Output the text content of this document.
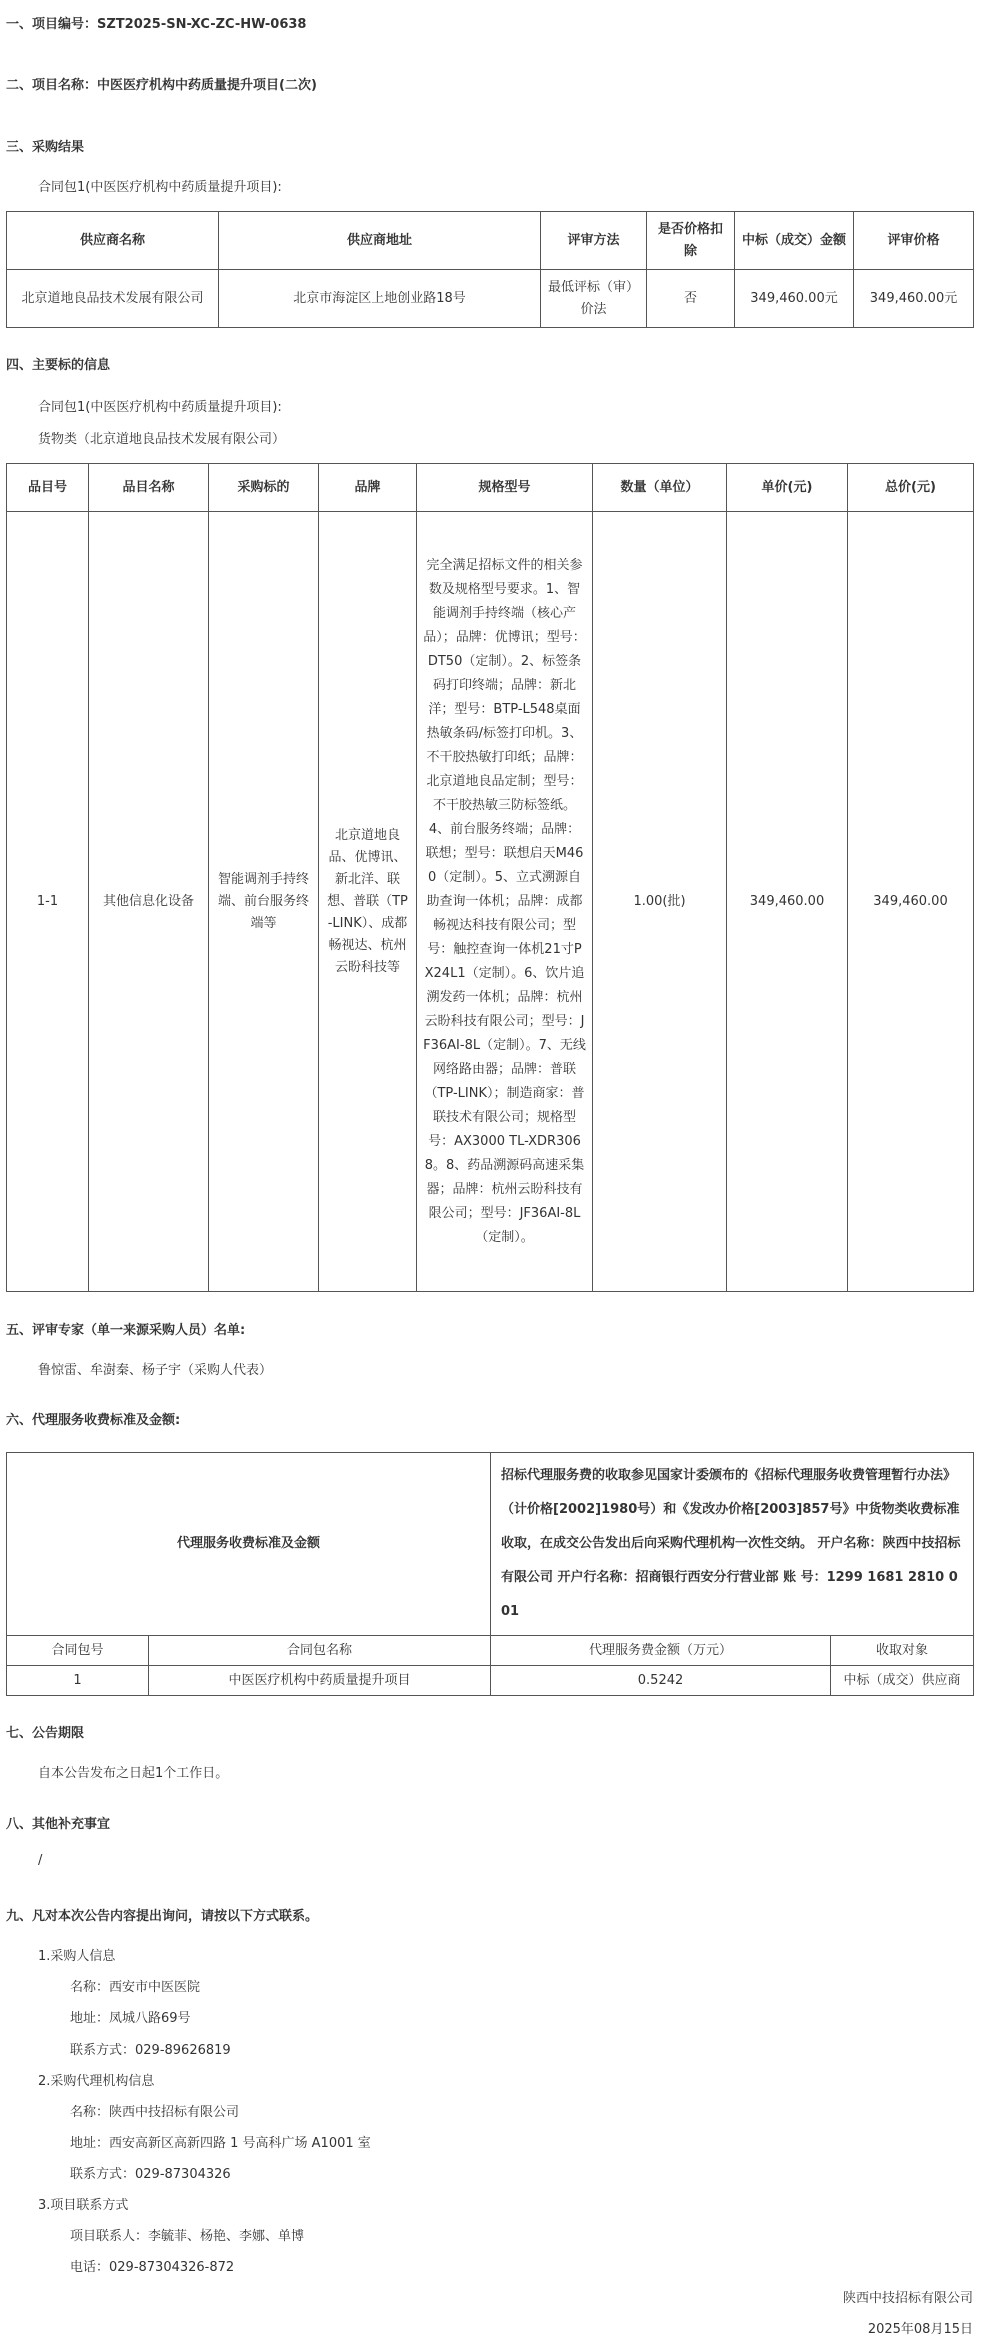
一、项目编号：SZT2025-SN-XC-ZC-HW-0638
二、项目名称：中医医疗机构中药质量提升项目(二次)
三、采购结果
合同包1(中医医疗机构中药质量提升项目):
供应商名称	供应商地址	评审方法	是否价格扣除	中标（成交）金额	评审价格
北京道地良品技术发展有限公司	北京市海淀区上地创业路18号	最低评标（审）价法	否	349,460.00元	349,460.00元
四、主要标的信息
合同包1(中医医疗机构中药质量提升项目):
货物类（北京道地良品技术发展有限公司）
品目号	品目名称	采购标的	品牌	规格型号	数量（单位）	单价(元)	总价(元)
1-1	其他信息化设备	智能调剂手持终端、前台服务终端等	北京道地良品、优博讯、新北洋、联想、普联（TP-LINK）、成都畅视达、杭州云盼科技等	完全满足招标文件的相关参数及规格型号要求。1、智能调剂手持终端（核心产品）；品牌：优博讯；型号：DT50（定制）。2、标签条码打印终端；品牌：新北洋；型号：BTP-L548桌面热敏条码/标签打印机。3、不干胶热敏打印纸；品牌：北京道地良品定制；型号：不干胶热敏三防标签纸。4、前台服务终端；品牌：联想；型号：联想启天M460（定制）。5、立式溯源自助查询一体机；品牌：成都畅视达科技有限公司；型号：触控查询一体机21寸PX24L1（定制）。6、饮片追溯发药一体机；品牌：杭州云盼科技有限公司；型号：JF36AI-8L（定制）。7、无线网络路由器；品牌：普联（TP-LINK）；制造商家：普联技术有限公司；规格型号：AX3000 TL-XDR3068。8、药品溯源码高速采集器；品牌：杭州云盼科技有限公司；型号：JF36AI-8L（定制）。	1.00(批)	349,460.00	349,460.00
五、评审专家（单一来源采购人员）名单:
鲁惊雷、牟澍秦、杨子宇（采购人代表）
六、代理服务收费标准及金额:
代理服务收费标准及金额		招标代理服务费的收取参见国家计委颁布的《招标代理服务收费管理暂行办法》（计价格[2002]1980号）和《发改办价格[2003]857号》中货物类收费标准收取，在成交公告发出后向采购代理机构一次性交纳。 开户名称：陕西中技招标有限公司 开户行名称：招商银行西安分行营业部 账 号：1299 1681 2810 001	
合同包号	合同包名称	代理服务费金额（万元）	收取对象
1	中医医疗机构中药质量提升项目	0.5242	中标（成交）供应商
七、公告期限
自本公告发布之日起1个工作日。
八、其他补充事宜
/
九、凡对本次公告内容提出询问，请按以下方式联系。
1.采购人信息
名称：西安市中医医院
地址：凤城八路69号
联系方式：029-89626819
2.采购代理机构信息
名称：陕西中技招标有限公司
地址：西安高新区高新四路 1 号高科广场 A1001 室
联系方式：029-87304326
3.项目联系方式
项目联系人：李毓菲、杨艳、李娜、单博
电话：029-87304326-872
陕西中技招标有限公司
2025年08月15日
